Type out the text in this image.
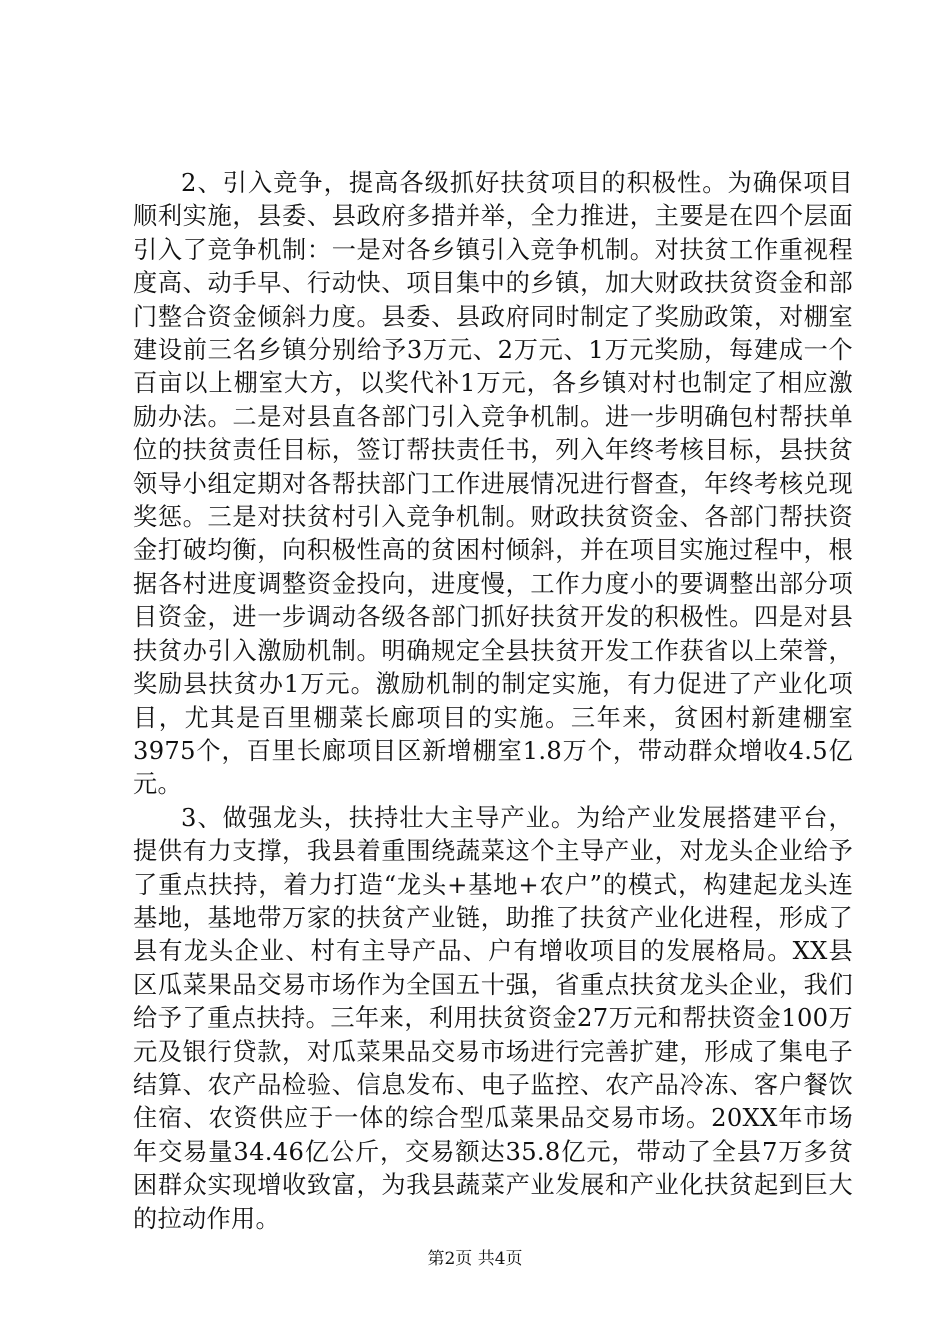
2、引入竞争，提高各级抓好扶贫项目的积极性。为确保项目顺利实施，县委、县政府多措并举，全力推进，主要是在四个层面引入了竞争机制：一是对各乡镇引入竞争机制。对扶贫工作重视程度高、动手早、行动快、项目集中的乡镇，加大财政扶贫资金和部门整合资金倾斜力度。县委、县政府同时制定了奖励政策，对棚室建设前三名乡镇分别给予3万元、2万元、1万元奖励，每建成一个百亩以上棚室大方，以奖代补1万元，各乡镇对村也制定了相应激励办法。二是对县直各部门引入竞争机制。进一步明确包村帮扶单位的扶贫责任目标，签订帮扶责任书，列入年终考核目标，县扶贫领导小组定期对各帮扶部门工作进展情况进行督查，年终考核兑现奖惩。三是对扶贫村引入竞争机制。财政扶贫资金、各部门帮扶资金打破均衡，向积极性高的贫困村倾斜，并在项目实施过程中，根据各村进度调整资金投向，进度慢，工作力度小的要调整出部分项目资金，进一步调动各级各部门抓好扶贫开发的积极性。四是对县扶贫办引入激励机制。明确规定全县扶贫开发工作获省以上荣誉，奖励县扶贫办1万元。激励机制的制定实施，有力促进了产业化项目，尤其是百里棚菜长廊项目的实施。三年来，贫困村新建棚室3975个，百里长廊项目区新增棚室1.8万个，带动群众增收4.5亿元。

3、做强龙头，扶持壮大主导产业。为给产业发展搭建平台，提供有力支撑，我县着重围绕蔬菜这个主导产业，对龙头企业给予了重点扶持，着力打造“龙头+基地+农户”的模式，构建起龙头连基地，基地带万家的扶贫产业链，助推了扶贫产业化进程，形成了县有龙头企业、村有主导产品、户有增收项目的发展格局。XX县区瓜菜果品交易市场作为全国五十强，省重点扶贫龙头企业，我们给予了重点扶持。三年来，利用扶贫资金27万元和帮扶资金100万元及银行贷款，对瓜菜果品交易市场进行完善扩建，形成了集电子结算、农产品检验、信息发布、电子监控、农产品冷冻、客户餐饮住宿、农资供应于一体的综合型瓜菜果品交易市场。20XX年市场年交易量34.46亿公斤，交易额达35.8亿元，带动了全县7万多贫困群众实现增收致富，为我县蔬菜产业发展和产业化扶贫起到巨大的拉动作用。

第2页 共4页
